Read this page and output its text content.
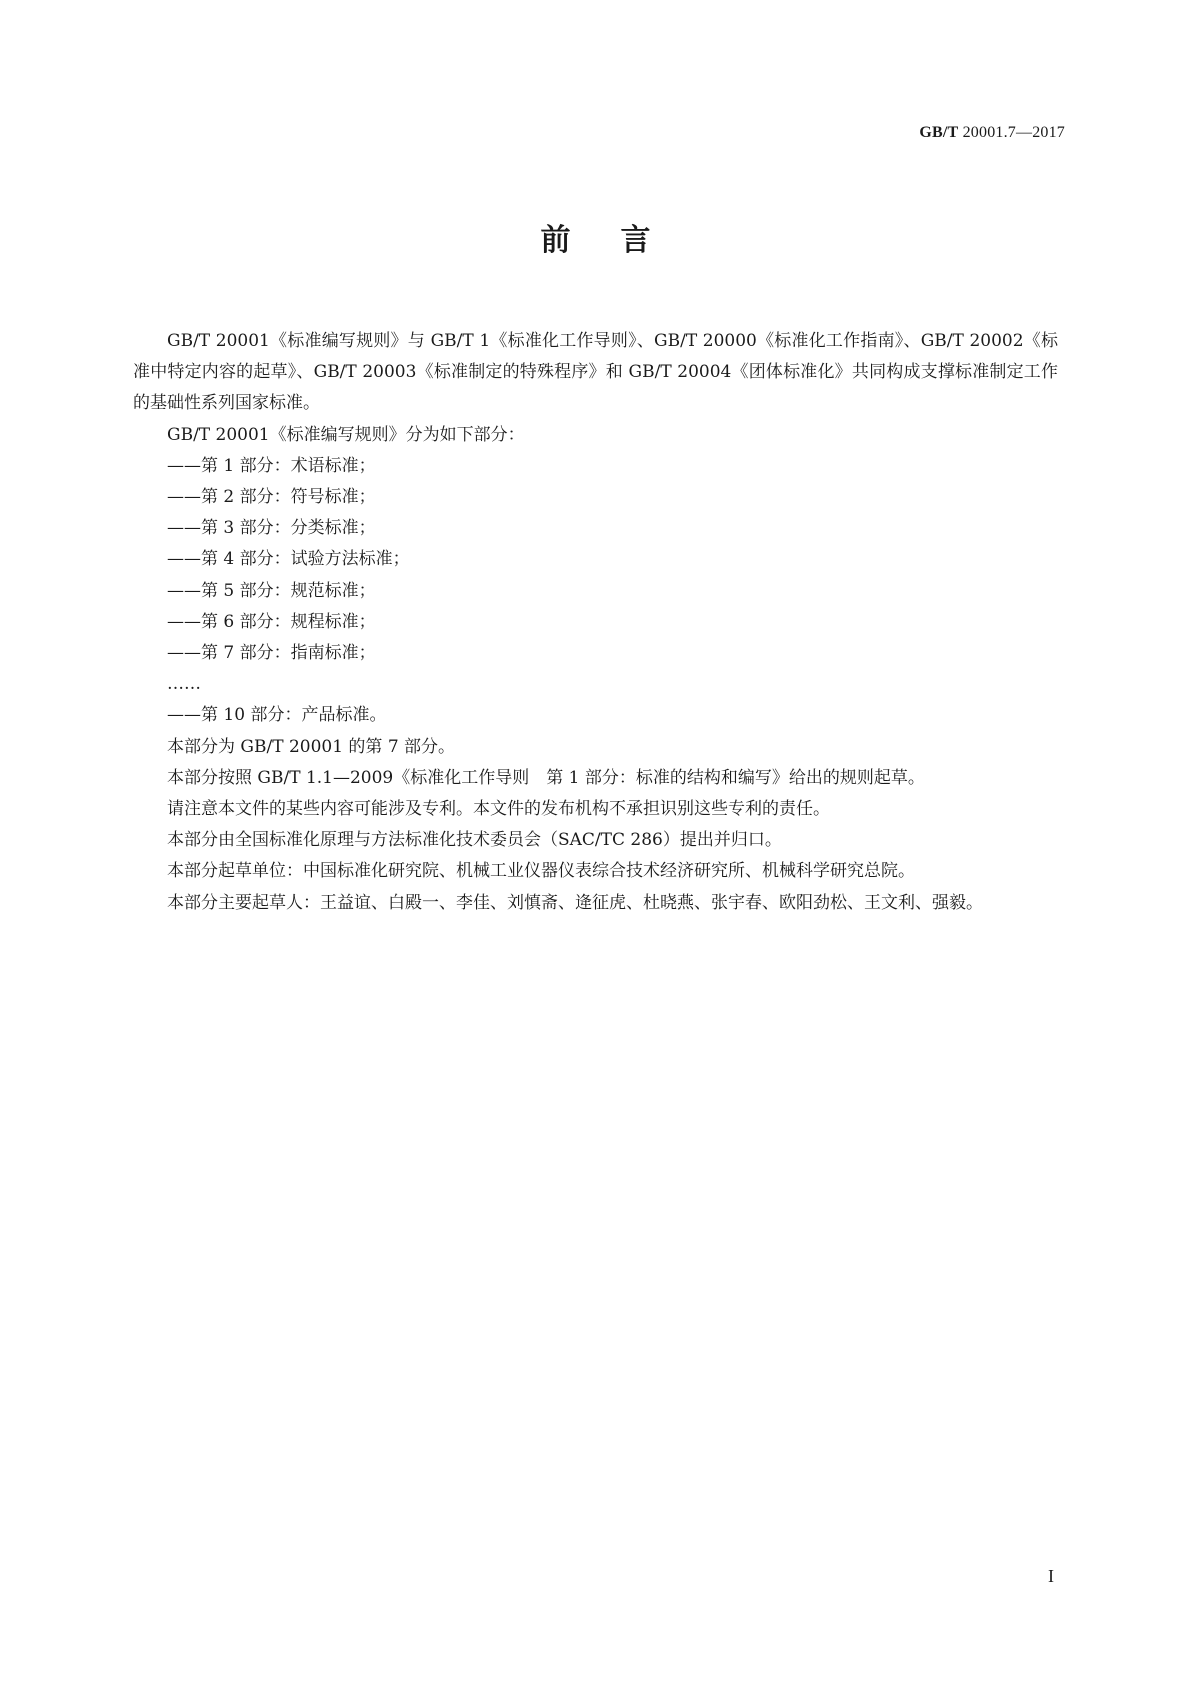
GB/T 20001.7—2017
前言

GB/T 20001《标准编写规则》与 GB/T 1《标准化工作导则》、GB/T 20000《标准化工作指南》、GB/T 20002《标准中特定内容的起草》、GB/T 20003《标准制定的特殊程序》和 GB/T 20004《团体标准化》共同构成支撑标准制定工作的基础性系列国家标准。

GB/T 20001《标准编写规则》分为如下部分：

——第 1 部分：术语标准；

——第 2 部分：符号标准；

——第 3 部分：分类标准；

——第 4 部分：试验方法标准；

——第 5 部分：规范标准；

——第 6 部分：规程标准；

——第 7 部分：指南标准；

……

——第 10 部分：产品标准。

本部分为 GB/T 20001 的第 7 部分。

本部分按照 GB/T 1.1—2009《标准化工作导则　第 1 部分：标准的结构和编写》给出的规则起草。

请注意本文件的某些内容可能涉及专利。本文件的发布机构不承担识别这些专利的责任。

本部分由全国标准化原理与方法标准化技术委员会（SAC/TC 286）提出并归口。

本部分起草单位：中国标准化研究院、机械工业仪器仪表综合技术经济研究所、机械科学研究总院。

本部分主要起草人：王益谊、白殿一、李佳、刘慎斋、逄征虎、杜晓燕、张宇春、欧阳劲松、王文利、强毅。

I
